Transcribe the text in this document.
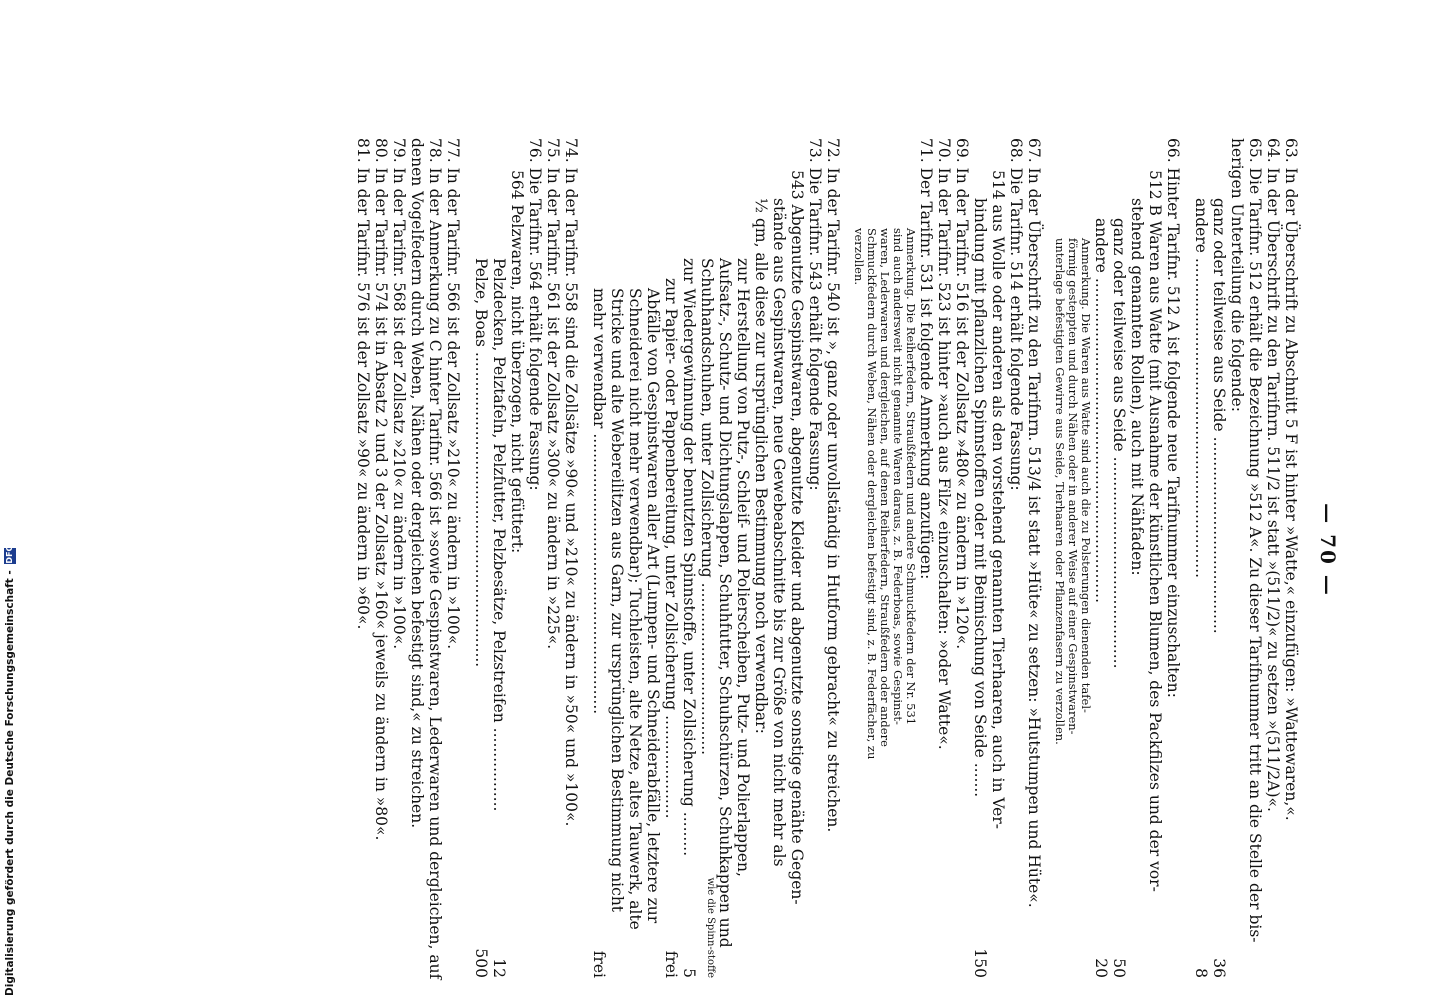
— 70 —
63. In der Überschrift zu Abschnitt 5 F ist hinter »Watte,« einzufügen: »Wattewaren,«.
64. In der Überschrift zu den Tarifnrn. 511/2 ist statt »(511/2)« zu setzen »(511/2A)«.
65. Die Tarifnr. 512 erhält die Bezeichnung »512 A«. Zu dieser Tarifnummer tritt an die Stelle der bis-
herigen Unterteilung die folgende:
ganz oder teilweise aus Seide ........................................
36
andere .................................................................
8
66. Hinter Tarifnr. 512 A ist folgende neue Tarifnummer einzuschalten:
512 B Waren aus Watte (mit Ausnahme der künstlichen Blumen, des Packfilzes und der vor-
stehend genannten Rollen), auch mit Nähfaden:
ganz oder teilweise aus Seide ...........................................
50
andere ..................................................................
20
Anmerkung. Die Waren aus Watte sind auch die zu Polsterungen dienenden tafel-
förmig gesteppten und durch Nähen oder in anderer Weise auf einer Gespinstwaren-
unterlage befestigten Gewirre aus Seide, Tierhaaren oder Pflanzenfasern zu verzollen.
67. In der Überschrift zu den Tarifnrn. 513/4 ist statt »Hüte« zu setzen: »Hutstumpen und Hüte«.
68. Die Tarifnr. 514 erhält folgende Fassung:
514 aus Wolle oder anderen als den vorstehend genannten Tierhaaren, auch in Ver-
bindung mit pflanzlichen Spinnstoffen oder mit Beimischung von Seide .......
150
69. In der Tarifnr. 516 ist der Zollsatz »480« zu ändern in »120«.
70. In der Tarifnr. 523 ist hinter »auch aus Filz« einzuschalten: »oder Watte«.
71. Der Tarifnr. 531 ist folgende Anmerkung anzufügen:
Anmerkung. Die Reiherfedern, Straußfedern und andere Schmuckfedern der Nr. 531
sind auch andersweit nicht genannte Waren daraus, z. B. Federboas, sowie Gespinst-
waren, Lederwaren und dergleichen, auf denen Reiherfedern, Straußfedern oder andere
Schmuckfedern durch Weben, Nähen oder dergleichen befestigt sind, z. B. Federfächer, zu
verzollen.
72. In der Tarifnr. 540 ist », ganz oder unvollständig in Hutform gebracht« zu streichen.
73. Die Tarifnr. 543 erhält folgende Fassung:
543 Abgenutzte Gespinstwaren, abgenutzte Kleider und abgenutzte sonstige genähte Gegen-
stände aus Gespinstwaren, neue Gewebeabschnitte bis zur Größe von nicht mehr als
½ qm, alle diese zur ursprünglichen Bestimmung noch verwendbar:
zur Herstellung von Putz-, Schleif- und Polierscheiben, Putz- und Polierlappen,
Aufsatz-, Schutz- und Dichtungslappen, Schuhfutter, Schuhschürzen, Schuhkappen und
Schuhhandschuhen, unter Zollsicherung ...................................
wie die Spinn-stoffe
zur Wiedergewinnung der benutzten Spinnstoffe, unter Zollsicherung .........
5
zur Papier- oder Pappenbereitung, unter Zollsicherung .....................
frei
Abfälle von Gespinstwaren aller Art (Lumpen- und Schneiderabfälle, letztere zur
Schneiderei nicht mehr verwendbar); Tuchleisten, alte Netze, altes Tauwerk, alte
Stricke und alte Webereilitzen aus Garn, zur ursprünglichen Bestimmung nicht
mehr verwendbar .........................................................
frei
74. In der Tarifnr. 558 sind die Zollsätze »90« und »210« zu ändern in »50« und »100«.
75. In der Tarifnr. 561 ist der Zollsatz »300« zu ändern in »225«.
76. Die Tarifnr. 564 erhält folgende Fassung:
564 Pelzwaren, nicht überzogen, nicht gefüttert:
Pelzdecken, Pelztafeln, Pelzfutter, Pelzbesätze, Pelzstreifen .................
12
Pelze, Boas ................................................................
500
77. In der Tarifnr. 566 ist der Zollsatz »210« zu ändern in »100«.
78. In der Anmerkung zu C hinter Tarifnr. 566 ist »sowie Gespinstwaren, Lederwaren und dergleichen, auf
denen Vogelfedern durch Weben, Nähen oder dergleichen befestigt sind,« zu streichen.
79. In der Tarifnr. 568 ist der Zollsatz »210« zu ändern in »100«.
80. In der Tarifnr. 574 ist in Absatz 2 und 3 der Zollsatz »160« jeweils zu ändern in »80«.
81. In der Tarifnr. 576 ist der Zollsatz »90« zu ändern in »60«.
Digitalisierung gefördert durch die Deutsche Forschungsgemeinschaft - DFG
